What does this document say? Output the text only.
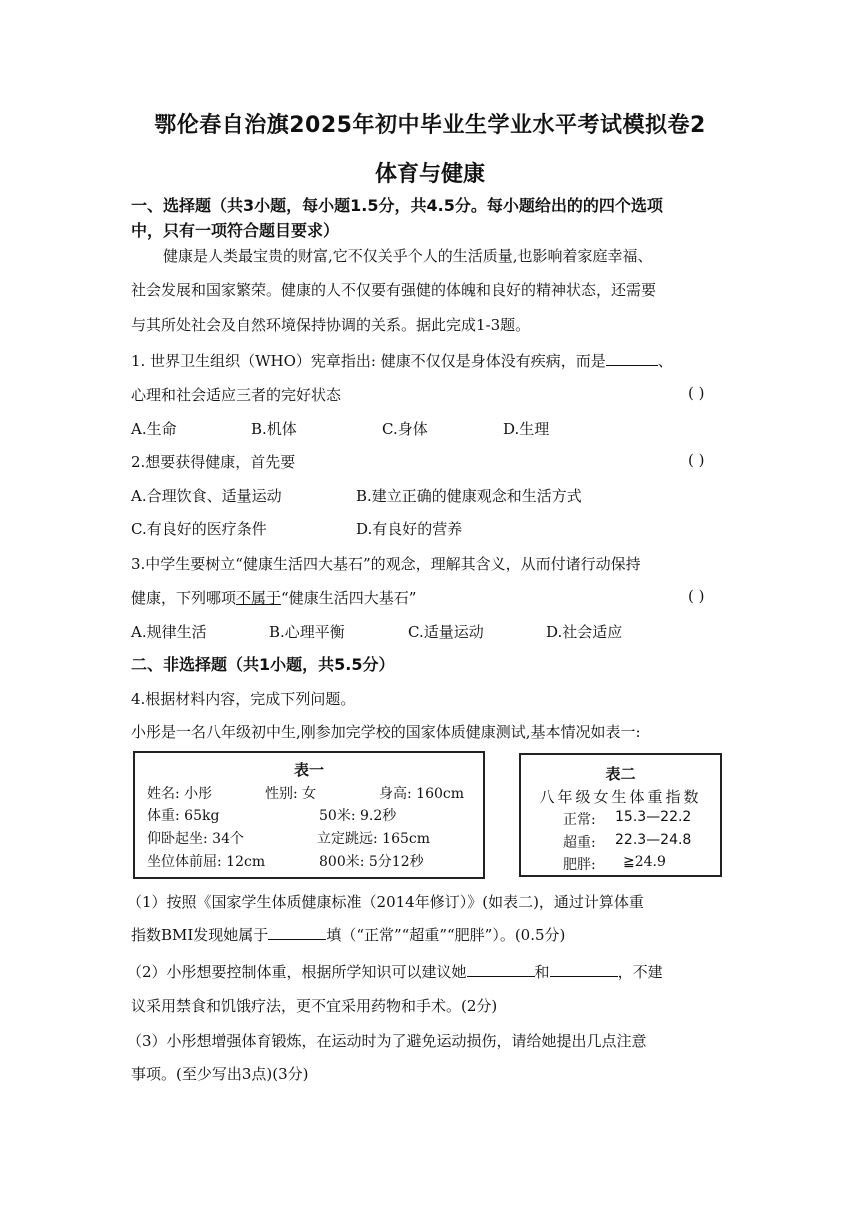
鄂伦春自治旗2025年初中毕业生学业水平考试模拟卷2
体育与健康
一、选择题（共3小题，每小题1.5分，共4.5分。每小题给出的的四个选项
中，只有一项符合题目要求）
健康是人类最宝贵的财富,它不仅关乎个人的生活质量,也影响着家庭幸福、
社会发展和国家繁荣。健康的人不仅要有强健的体魄和良好的精神状态，还需要
与其所处社会及自然环境保持协调的关系。据此完成1-3题。
1. 世界卫生组织（WHO）宪章指出: 健康不仅仅是身体没有疾病，而是	、
心理和社会适应三者的完好状态	( )
A.生命	B.机体	C.身体	D.生理
2.想要获得健康，首先要	( )
A.合理饮食、适量运动	B.建立正确的健康观念和生活方式
C.有良好的医疗条件	D.有良好的营养
3.中学生要树立“健康生活四大基石”的观念，理解其含义，从而付诸行动保持
健康，下列哪项不属于“健康生活四大基石”	( )
A.规律生活	B.心理平衡	C.适量运动	D.社会适应
二、非选择题（共1小题，共5.5分）
4.根据材料内容，完成下列问题。
小彤是一名八年级初中生,刚参加完学校的国家体质健康测试,基本情况如表一:
表一
姓名: 小彤	性别: 女	身高: 160cm
体重: 65kg	50米: 9.2秒
仰卧起坐: 34个	立定跳远: 165cm
坐位体前屈: 12cm	800米: 5分12秒
表二
八年级女生体重指数
正常: 15.3—22.2
超重: 22.3—24.8
肥胖: ≧24.9
（1）按照《国家学生体质健康标准（2014年修订）》(如表二)，通过计算体重
指数BMI发现她属于	填（“正常”“超重”“肥胖”）。(0.5分)
（2）小彤想要控制体重，根据所学知识可以建议她	和	，不建
议采用禁食和饥饿疗法，更不宜采用药物和手术。(2分)
（3）小彤想增强体育锻炼，在运动时为了避免运动损伤，请给她提出几点注意
事项。(至少写出3点)(3分)
